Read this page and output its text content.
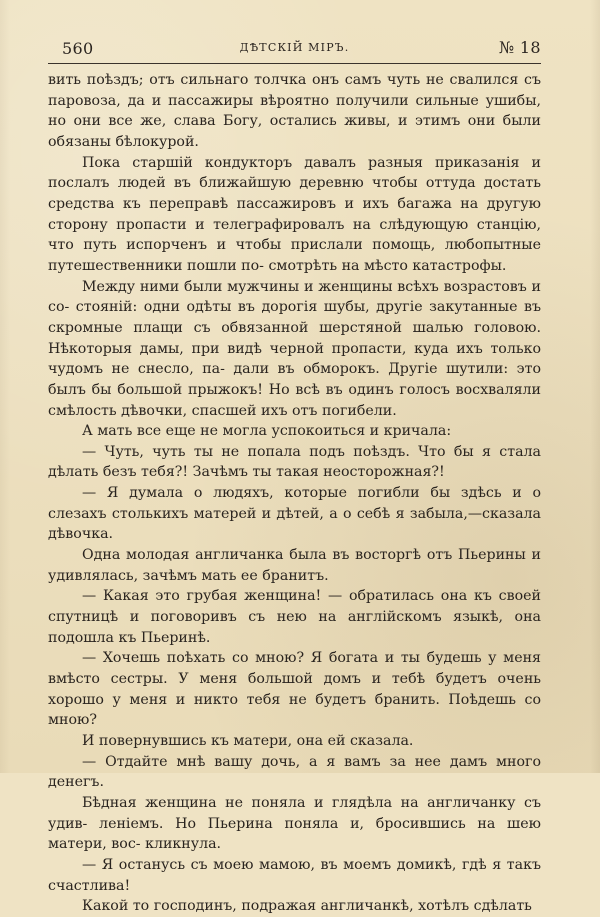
560	ДѢТСКІЙ МІРЪ.	№ 18

вить поѣздъ; отъ сильнаго толчка онъ самъ чуть не свалился съ паровоза, да и пассажиры вѣроятно получили сильные ушибы, но они все же, слава Богу, остались живы, и этимъ они были обязаны бѣлокурой.

Пока старшій кондукторъ давалъ разныя приказанія и послалъ людей въ ближайшую деревню чтобы оттуда достать средства къ переправѣ пассажировъ и ихъ багажа на другую сторону пропасти и телеграфировалъ на слѣдующую станцію, что путь испорченъ и чтобы прислали помощь, любопытные путешественники пошли по- смотрѣть на мѣсто катастрофы.

Между ними были мужчины и женщины всѣхъ возрастовъ и со- стояній: одни одѣты въ дорогія шубы, другіе закутанные въ скромные плащи съ обвязанной шерстяной шалью головою. Нѣкоторыя дамы, при видѣ черной пропасти, куда ихъ только чудомъ не снесло, па- дали въ обморокъ. Другіе шутили: это былъ бы большой прыжокъ! Но всѣ въ одинъ голосъ восхваляли смѣлость дѣвочки, спасшей ихъ отъ погибели.

А мать все еще не могла успокоиться и кричала:

— Чуть, чуть ты не попала подъ поѣздъ. Что бы я стала дѣлать безъ тебя?! Зачѣмъ ты такая неосторожная?!

— Я думала о людяхъ, которые погибли бы здѣсь и о слезахъ столькихъ матерей и дѣтей, а о себѣ я забыла,—сказала дѣвочка.

Одна молодая англичанка была въ восторгѣ отъ Пьерины и удивлялась, зачѣмъ мать ее бранитъ.

— Какая это грубая женщина! — обратилась она къ своей спутницѣ и поговоривъ съ нею на англійскомъ языкѣ, она подошла къ Пьеринѣ.

— Хочешь поѣхать со мною? Я богата и ты будешь у меня вмѣсто сестры. У меня большой домъ и тебѣ будетъ очень хорошо у меня и никто тебя не будетъ бранить. Поѣдешь со мною?

И повернувшись къ матери, она ей сказала.

— Отдайте мнѣ вашу дочь, а я вамъ за нее дамъ много денегъ.

Бѣдная женщина не поняла и глядѣла на англичанку съ удив- леніемъ. Но Пьерина поняла и, бросившись на шею матери, вос- кликнула.

— Я останусь съ моею мамою, въ моемъ домикѣ, гдѣ я такъ счастлива!

Какой то господинъ, подражая англичанкѣ, хотѣлъ сдѣлать
